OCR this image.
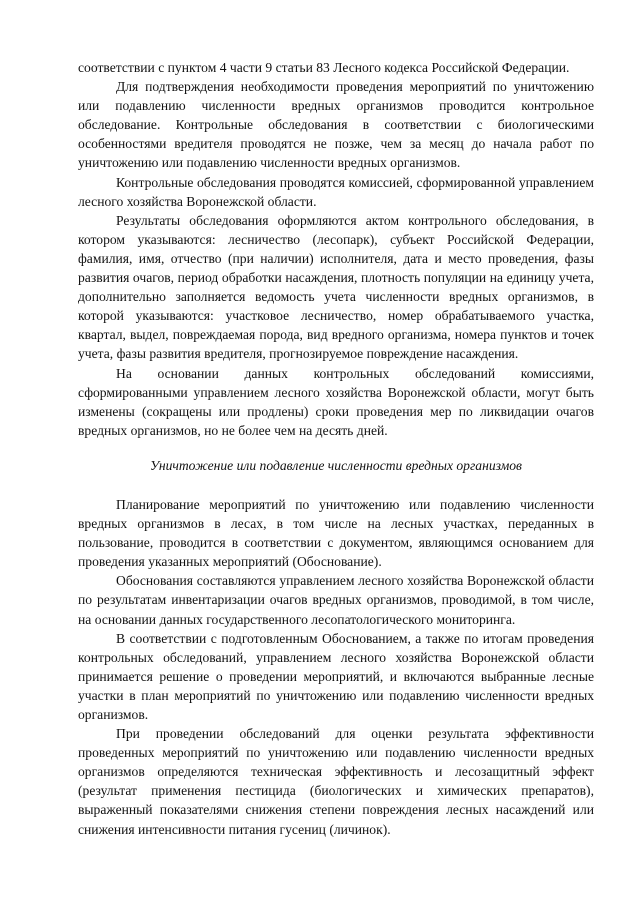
соответствии с пунктом 4 части 9 статьи 83 Лесного кодекса Российской Федерации.

Для подтверждения необходимости проведения мероприятий по уничтожению или подавлению численности вредных организмов проводится контрольное обследование. Контрольные обследования в соответствии с биологическими особенностями вредителя проводятся не позже, чем за месяц до начала работ по уничтожению или подавлению численности вредных организмов.

Контрольные обследования проводятся комиссией, сформированной управлением лесного хозяйства Воронежской области.

Результаты обследования оформляются актом контрольного обследования, в котором указываются: лесничество (лесопарк), субъект Российской Федерации, фамилия, имя, отчество (при наличии) исполнителя, дата и место проведения, фазы развития очагов, период обработки насаждения, плотность популяции на единицу учета, дополнительно заполняется ведомость учета численности вредных организмов, в которой указываются: участковое лесничество, номер обрабатываемого участка, квартал, выдел, повреждаемая порода, вид вредного организма, номера пунктов и точек учета, фазы развития вредителя, прогнозируемое повреждение насаждения.

На основании данных контрольных обследований комиссиями, сформированными управлением лесного хозяйства Воронежской области, могут быть изменены (сокращены или продлены) сроки проведения мер по ликвидации очагов вредных организмов, но не более чем на десять дней.

Уничтожение или подавление численности вредных организмов

Планирование мероприятий по уничтожению или подавлению численности вредных организмов в лесах, в том числе на лесных участках, переданных в пользование, проводится в соответствии с документом, являющимся основанием для проведения указанных мероприятий (Обоснование).

Обоснования составляются управлением лесного хозяйства Воронежской области по результатам инвентаризации очагов вредных организмов, проводимой, в том числе, на основании данных государственного лесопатологического мониторинга.

В соответствии с подготовленным Обоснованием, а также по итогам проведения контрольных обследований, управлением лесного хозяйства Воронежской области принимается решение о проведении мероприятий, и включаются выбранные лесные участки в план мероприятий по уничтожению или подавлению численности вредных организмов.

При проведении обследований для оценки результата эффективности проведенных мероприятий по уничтожению или подавлению численности вредных организмов определяются техническая эффективность и лесозащитный эффект (результат применения пестицида (биологических и химических препаратов), выраженный показателями снижения степени повреждения лесных насаждений или снижения интенсивности питания гусениц (личинок).
